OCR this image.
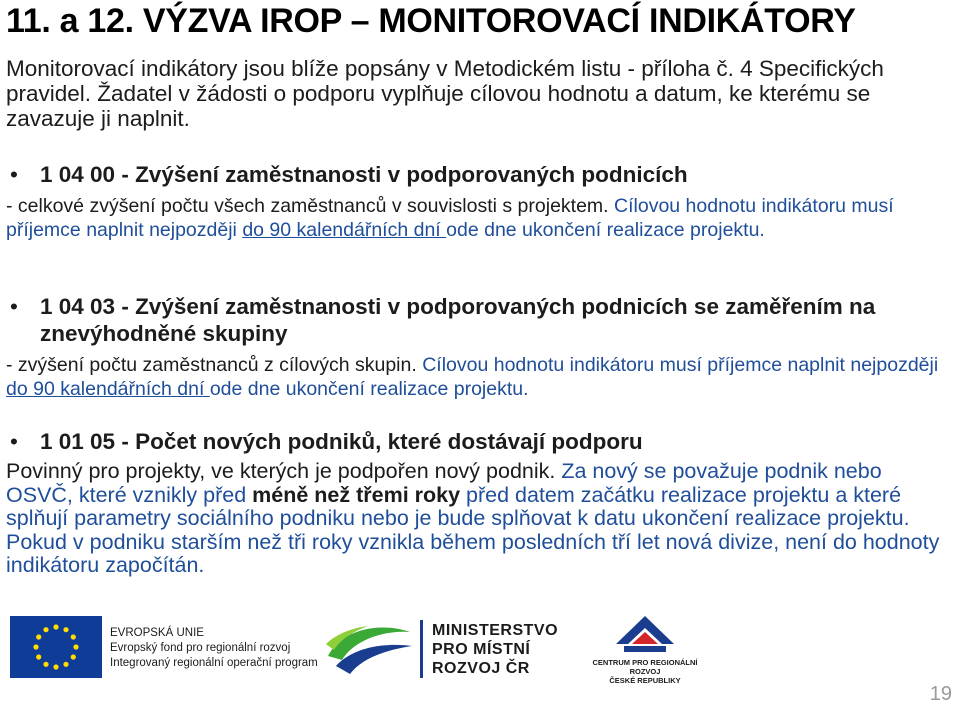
11. a 12. VÝZVA IROP – MONITOROVACÍ INDIKÁTORY
Monitorovací indikátory jsou blíže popsány v Metodickém listu - příloha č. 4 Specifických pravidel. Žadatel v žádosti o podporu vyplňuje cílovou hodnotu a datum, ke kterému se zavazuje ji naplnit.
• 1 04 00 - Zvýšení zaměstnanosti v podporovaných podnicích
- celkové zvýšení počtu všech zaměstnanců v souvislosti s projektem. Cílovou hodnotu indikátoru musí příjemce naplnit nejpozději do 90 kalendářních dní ode dne ukončení realizace projektu.
• 1 04 03 - Zvýšení zaměstnanosti v podporovaných podnicích se zaměřením na znevýhodněné skupiny
- zvýšení počtu zaměstnanců z cílových skupin. Cílovou hodnotu indikátoru musí příjemce naplnit nejpozději do 90 kalendářních dní ode dne ukončení realizace projektu.
• 1 01 05 - Počet nových podniků, které dostávají podporu
Povinný pro projekty, ve kterých je podpořen nový podnik. Za nový se považuje podnik nebo OSVČ, které vznikly před méně než třemi roky před datem začátku realizace projektu a které splňují parametry sociálního podniku nebo je bude splňovat k datu ukončení realizace projektu. Pokud v podniku starším než tři roky vznikla během posledních tří let nová divize, není do hodnoty indikátoru započítán.
EVROPSKÁ UNIE
Evropský fond pro regionální rozvoj
Integrovaný regionální operační program
MINISTERSTVO
PRO MÍSTNÍ
ROZVOJ ČR	CENTRUM PRO REGIONÁLNÍ ROZVOJ
ČESKÉ REPUBLIKY
19
